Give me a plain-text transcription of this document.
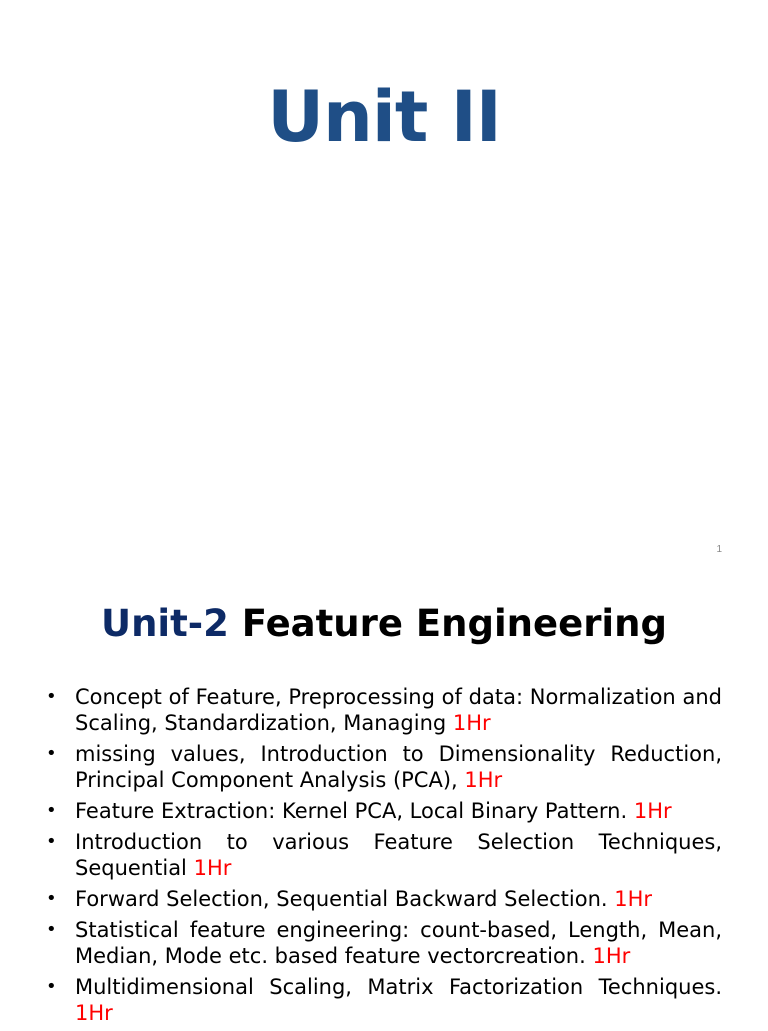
Unit II
1
Unit-2 Feature Engineering
• Concept of Feature, Preprocessing of data: Normalization and Scaling, Standardization, Managing 1Hr
• missing values, Introduction to Dimensionality Reduction, Principal Component Analysis (PCA), 1Hr
• Feature Extraction: Kernel PCA, Local Binary Pattern. 1Hr
• Introduction to various Feature Selection Techniques, Sequential 1Hr
• Forward Selection, Sequential Backward Selection. 1Hr
• Statistical feature engineering: count-based, Length, Mean, Median, Mode etc. based feature vectorcreation. 1Hr
• Multidimensional Scaling, Matrix Factorization Techniques. 1Hr
